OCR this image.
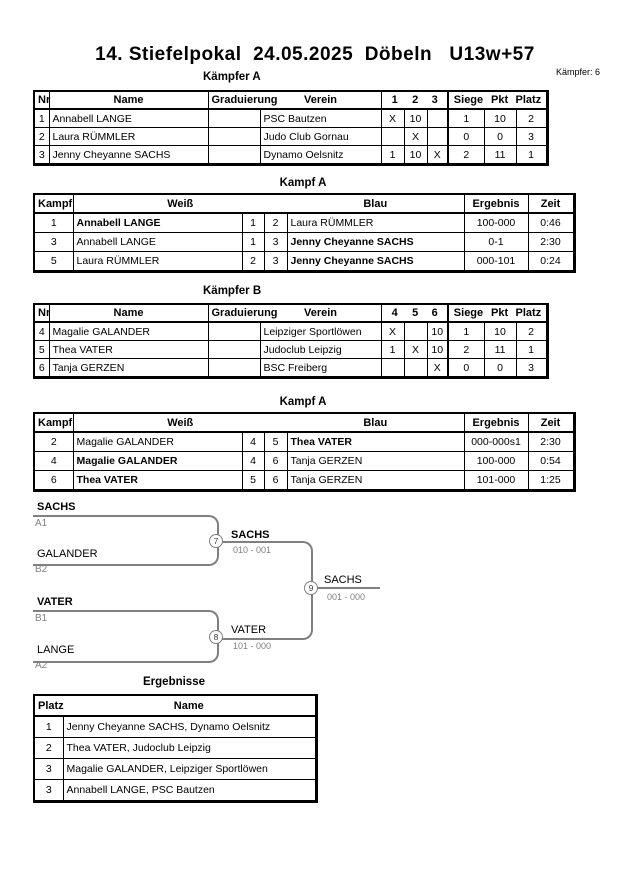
14. Stiefelpokal  24.05.2025  Döbeln   U13w+57
Kämpfer A	Kämpfer: 6
Nr	Name	Graduierung Verein		1 2 3			Siege Pkt Platz		

1	Annabell LANGE		PSC Bautzen	X	10		1	10	2
2	Laura RÜMMLER		Judo Club Gornau		X		0	0	3
3	Jenny Cheyanne SACHS		Dynamo Oelsnitz	1	10	X	2	11	1
Kampf A
Kampf	Weiß			Blau	Ergebnis	Zeit
1	Annabell LANGE	1	2	Laura RÜMMLER	100-000	0:46
3	Annabell LANGE	1	3	Jenny Cheyanne SACHS	0-1	2:30
5	Laura RÜMMLER	2	3	Jenny Cheyanne SACHS	000-101	0:24
Kämpfer B
Nr	Name	Graduierung Verein		4 5 6			Siege Pkt Platz		

4	Magalie GALANDER		Leipziger Sportlöwen	X		10	1	10	2
5	Thea VATER		Judoclub Leipzig	1	X	10	2	11	1
6	Tanja GERZEN		BSC Freiberg			X	0	0	3
Kampf A
Kampf	Weiß			Blau	Ergebnis	Zeit
2	Magalie GALANDER	4	5	Thea VATER	000-000s1	2:30
4	Magalie GALANDER	4	6	Tanja GERZEN	100-000	0:54
6	Thea VATER	5	6	Tanja GERZEN	101-000	1:25
SACHS
A1
GALANDER
B2
VATER
B1
LANGE
A2
7	SACHS
010 - 001
8
VATER
101 - 000
9
SACHS
001 - 000
Ergebnisse
Platz	Name
1	Jenny Cheyanne SACHS, Dynamo Oelsnitz
2	Thea VATER, Judoclub Leipzig
3	Magalie GALANDER, Leipziger Sportlöwen
3	Annabell LANGE, PSC Bautzen
